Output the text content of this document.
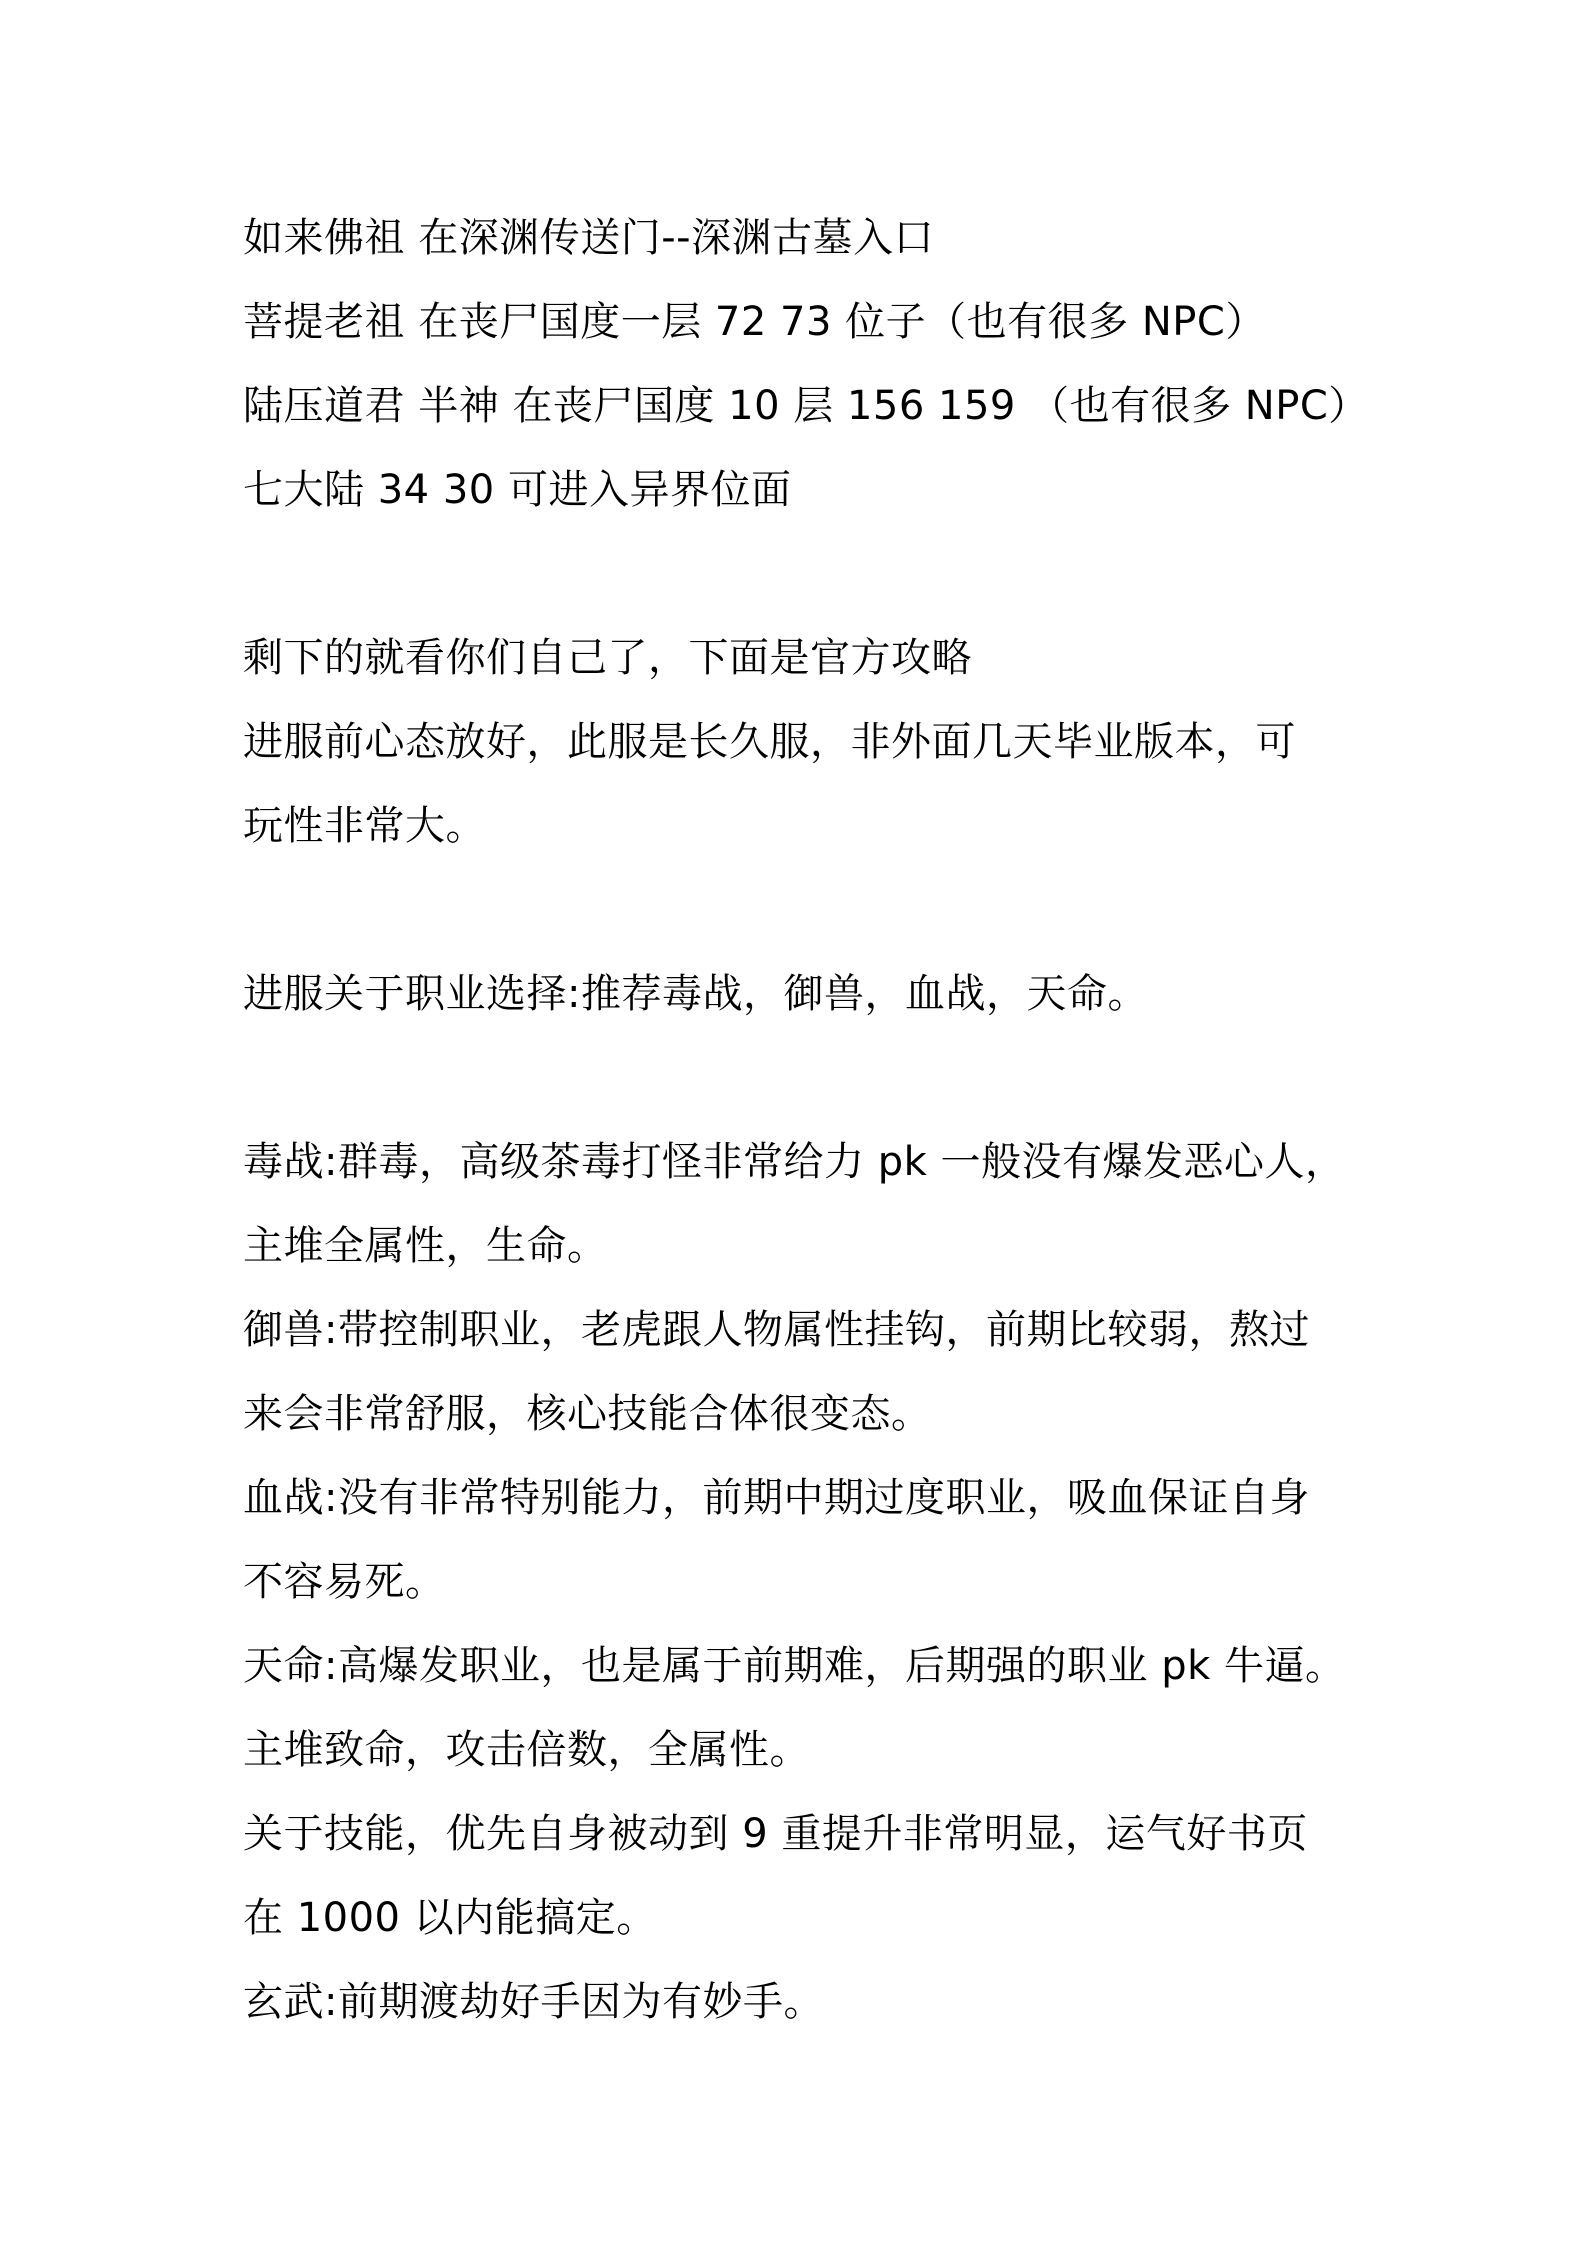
如来佛祖 在深渊传送门--深渊古墓入口
菩提老祖 在丧尸国度一层 72 73 位子（也有很多 NPC）
陆压道君 半神 在丧尸国度 10 层 156 159 （也有很多 NPC）
七大陆 34 30 可进入异界位面
剩下的就看你们自己了，下面是官方攻略
进服前心态放好，此服是长久服，非外面几天毕业版本，可
玩性非常大。
进服关于职业选择:推荐毒战，御兽，血战，天命。
毒战:群毒，高级茶毒打怪非常给力 pk 一般没有爆发恶心人，
主堆全属性，生命。
御兽:带控制职业，老虎跟人物属性挂钩，前期比较弱，熬过
来会非常舒服，核心技能合体很变态。
血战:没有非常特别能力，前期中期过度职业，吸血保证自身
不容易死。
天命:高爆发职业，也是属于前期难，后期强的职业 pk 牛逼。
主堆致命，攻击倍数，全属性。
关于技能，优先自身被动到 9 重提升非常明显，运气好书页
在 1000 以内能搞定。
玄武:前期渡劫好手因为有妙手。
